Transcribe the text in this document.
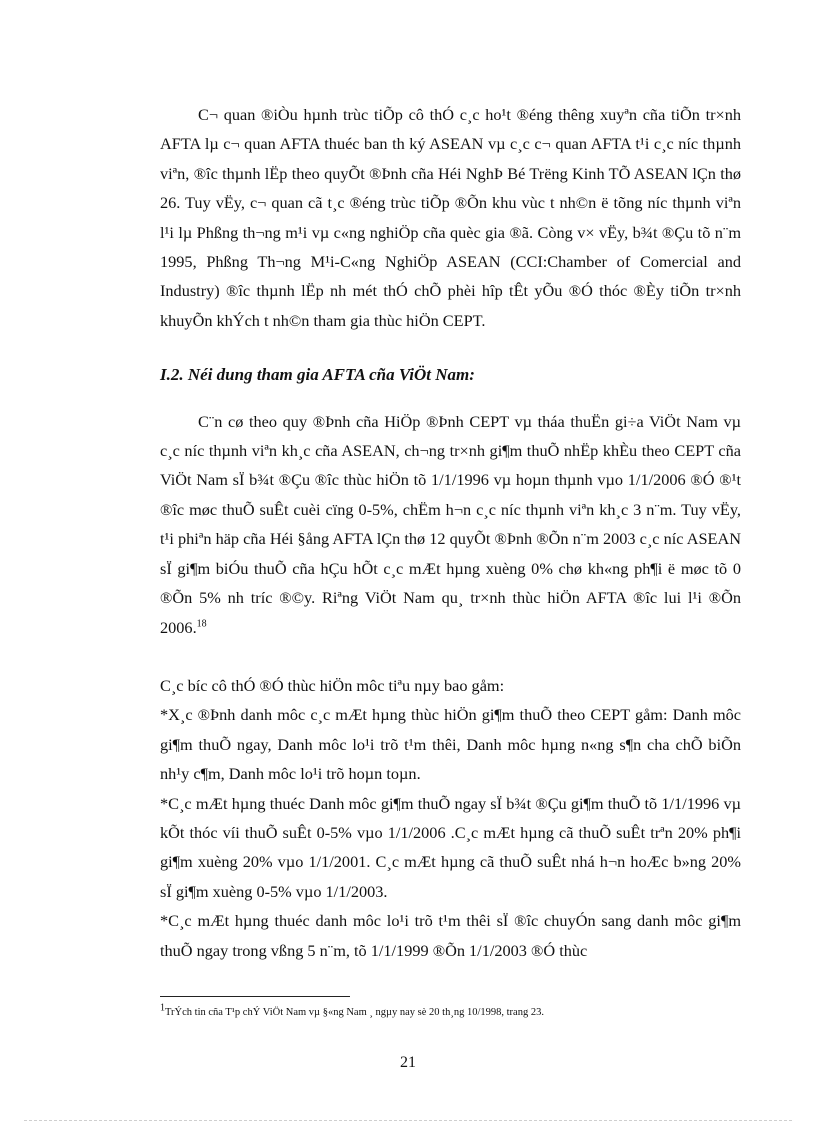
C¬ quan ®iÒu hµnh trùc tiÕp cô thÓ c¸c ho¹t ®éng thêng xuyªn cña tiÕn tr×nh AFTA lµ c¬ quan AFTA thuéc ban th ký ASEAN vµ c¸c c¬ quan AFTA t¹i c¸c níc thµnh viªn, ®îc thµnh lËp theo quyÕt ®Þnh cña Héi NghÞ Bé Trëng Kinh TÕ ASEAN lÇn thø 26. Tuy vËy, c¬ quan cã t¸c ®éng trùc tiÕp ®Õn khu vùc t nh©n ë tõng níc thµnh viªn l¹i lµ Phßng th¬ng m¹i vµ c«ng nghiÖp cña quèc gia ®ã. Còng v× vËy, b¾t ®Çu tõ n¨m 1995, Phßng Th¬ng M¹i-C«ng NghiÖp ASEAN (CCI:Chamber of Comercial and Industry) ®îc thµnh lËp nh mét thÓ chÕ phèi hîp tÊt yÕu ®Ó thóc ®Èy tiÕn tr×nh khuyÕn khÝch t nh©n tham gia thùc hiÖn CEPT.

I.2. Néi dung tham gia AFTA cña ViÖt Nam:

C¨n cø theo quy ®Þnh cña HiÖp ®Þnh CEPT vµ tháa thuËn gi÷a ViÖt Nam vµ c¸c níc thµnh viªn kh¸c cña ASEAN, ch¬ng tr×nh gi¶m thuÕ nhËp khÈu theo CEPT cña ViÖt Nam sÏ b¾t ®Çu ®îc thùc hiÖn tõ 1/1/1996 vµ hoµn thµnh vµo 1/1/2006 ®Ó ®¹t ®îc møc thuÕ suÊt cuèi cïng 0-5%, chËm h¬n c¸c níc thµnh viªn kh¸c 3 n¨m. Tuy vËy, t¹i phiªn häp cña Héi §ång AFTA lÇn thø 12 quyÕt ®Þnh ®Õn n¨m 2003 c¸c níc ASEAN sÏ gi¶m biÓu thuÕ cña hÇu hÕt c¸c mÆt hµng xuèng 0% chø kh«ng ph¶i ë møc tõ 0 ®Õn 5% nh tríc ®©y. Riªng ViÖt Nam qu¸ tr×nh thùc hiÖn AFTA ®îc lui l¹i ®Õn 2006.18

C¸c bíc cô thÓ ®Ó thùc hiÖn môc tiªu nµy bao gåm:

*X¸c ®Þnh danh môc c¸c mÆt hµng thùc hiÖn gi¶m thuÕ theo CEPT gåm: Danh môc gi¶m thuÕ ngay, Danh môc lo¹i trõ t¹m thêi, Danh môc hµng n«ng s¶n cha chÕ biÕn nh¹y c¶m, Danh môc lo¹i trõ hoµn toµn.

*C¸c mÆt hµng thuéc Danh môc gi¶m thuÕ ngay sÏ b¾t ®Çu gi¶m thuÕ tõ 1/1/1996 vµ kÕt thóc víi thuÕ suÊt 0-5% vµo 1/1/2006 .C¸c mÆt hµng cã thuÕ suÊt trªn 20% ph¶i gi¶m xuèng 20% vµo 1/1/2001. C¸c mÆt hµng cã thuÕ suÊt nhá h¬n hoÆc b»ng 20% sÏ gi¶m xuèng 0-5% vµo 1/1/2003.

*C¸c mÆt hµng thuéc danh môc lo¹i trõ t¹m thêi sÏ ®îc chuyÓn sang danh môc gi¶m thuÕ ngay trong vßng 5 n¨m, tõ 1/1/1999 ®Õn 1/1/2003 ®Ó thùc

$^1$TrÝch tin cña T¹p chÝ ViÖt Nam vµ §«ng Nam ¸ ngµy nay sè 20 th¸ng 10/1998, trang 23.
21
